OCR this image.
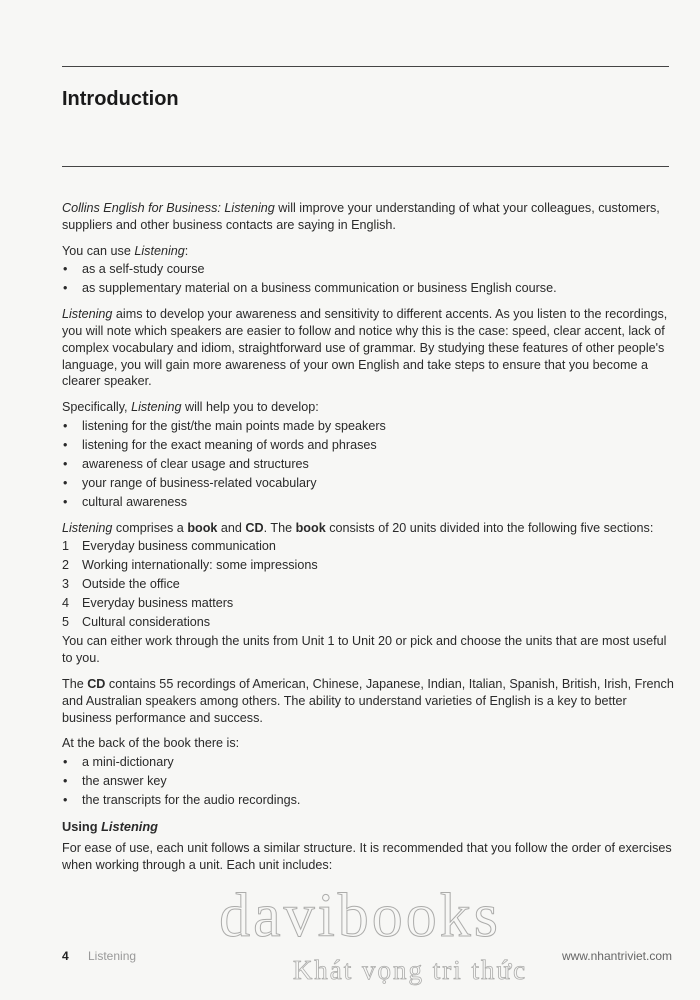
Introduction

Collins English for Business: Listening will improve your understanding of what your colleagues, customers, suppliers and other business contacts are saying in English.

You can use Listening:

• as a self-study course
• as supplementary material on a business communication or business English course.

Listening aims to develop your awareness and sensitivity to different accents. As you listen to the recordings, you will note which speakers are easier to follow and notice why this is the case: speed, clear accent, lack of complex vocabulary and idiom, straightforward use of grammar. By studying these features of other people's language, you will gain more awareness of your own English and take steps to ensure that you become a clearer speaker.

Specifically, Listening will help you to develop:

• listening for the gist/the main points made by speakers
• listening for the exact meaning of words and phrases
• awareness of clear usage and structures
• your range of business-related vocabulary
• cultural awareness

Listening comprises a book and CD. The book consists of 20 units divided into the following five sections:

1 Everyday business communication
2 Working internationally: some impressions
3 Outside the office
4 Everyday business matters
5 Cultural considerations

You can either work through the units from Unit 1 to Unit 20 or pick and choose the units that are most useful to you.

The CD contains 55 recordings of American, Chinese, Japanese, Indian, Italian, Spanish, British, Irish, French and Australian speakers among others. The ability to understand varieties of English is a key to better business performance and success.

At the back of the book there is:

• a mini-dictionary
• the answer key
• the transcripts for the audio recordings.
Using Listening

For ease of use, each unit follows a similar structure. It is recommended that you follow the order of exercises when working through a unit. Each unit includes:

davibooks
Khát vọng tri thức
4 Listening	www.nhantriviet.com
